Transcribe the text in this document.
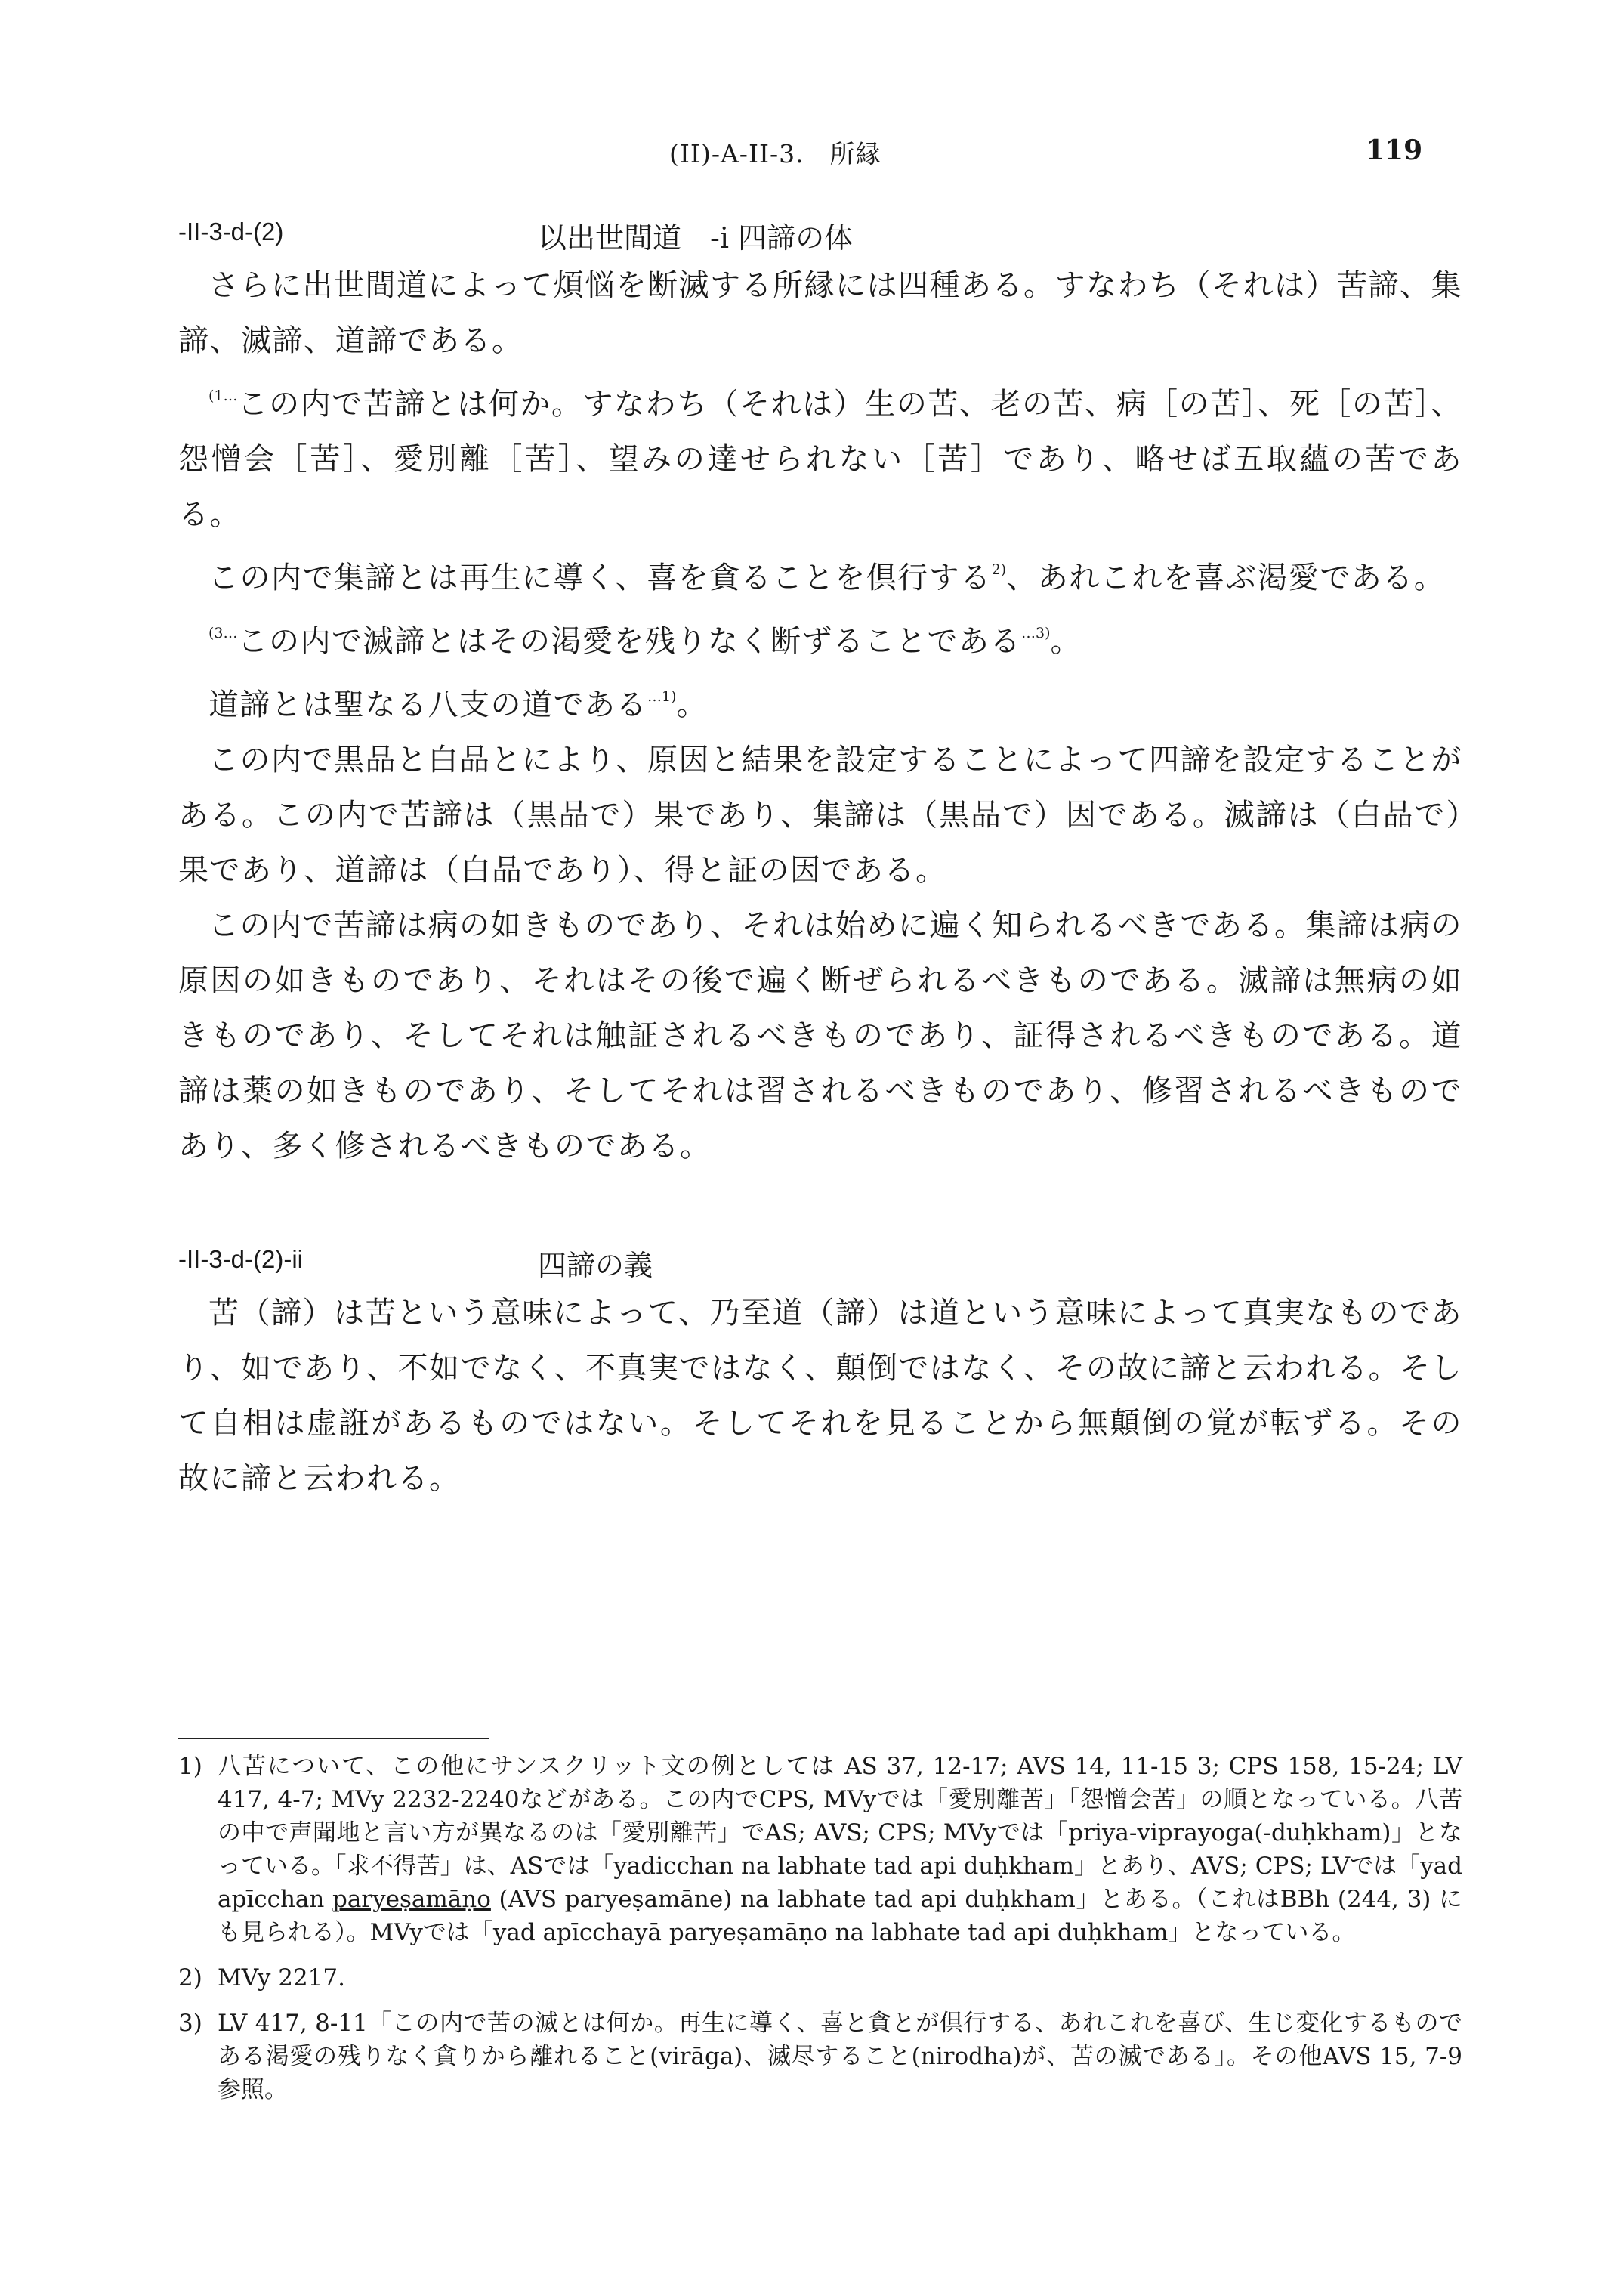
(II)-A-II-3.　所縁	119
-II-3-d-(2)	以出世間道　-i 四諦の体

さらに出世間道によって煩悩を断滅する所縁には四種ある。すなわち（それは）苦諦、集諦、滅諦、道諦である。

$^{(1\dots}$この内で苦諦とは何か。すなわち（それは）生の苦、老の苦、病［の苦］、死［の苦］、怨憎会［苦］、愛別離［苦］、望みの達せられない［苦］であり、略せば五取蘊の苦である。

この内で集諦とは再生に導く、喜を貪ることを倶行する$^{2)}$、あれこれを喜ぶ渇愛である。

$^{(3\dots}$この内で滅諦とはその渇愛を残りなく断ずることである$^{\dots 3)}$。

道諦とは聖なる八支の道である$^{\dots 1)}$。

この内で黒品と白品とにより、原因と結果を設定することによって四諦を設定することがある。この内で苦諦は（黒品で）果であり、集諦は（黒品で）因である。滅諦は（白品で）果であり、道諦は（白品であり）、得と証の因である。

この内で苦諦は病の如きものであり、それは始めに遍く知られるべきである。集諦は病の原因の如きものであり、それはその後で遍く断ぜられるべきものである。滅諦は無病の如きものであり、そしてそれは触証されるべきものであり、証得されるべきものである。道諦は薬の如きものであり、そしてそれは習されるべきものであり、修習されるべきものであり、多く修されるべきものである。

-II-3-d-(2)-ii	四諦の義

苦（諦）は苦という意味によって、乃至道（諦）は道という意味によって真実なものであり、如であり、不如でなく、不真実ではなく、顛倒ではなく、その故に諦と云われる。そして自相は虚誑があるものではない。そしてそれを見ることから無顛倒の覚が転ずる。その故に諦と云われる。

1) 八苦について、この他にサンスクリット文の例としては AS 37, 12-17; AVS 14, 11-15 3; CPS 158, 15-24; LV 417, 4-7; MVy 2232-2240などがある。この内でCPS, MVyでは「愛別離苦」「怨憎会苦」の順となっている。八苦の中で声聞地と言い方が異なるのは「愛別離苦」でAS; AVS; CPS; MVyでは「priya-viprayoga(-duḥkham)」となっている。「求不得苦」は、ASでは「yadicchan na labhate tad api duḥkham」とあり、AVS; CPS; LVでは「yad apīcchan paryeṣamāṇo (AVS paryeṣamāne) na labhate tad api duḥkham」とある。（これはBBh (244, 3) にも見られる）。MVyでは「yad apīcchayā paryeṣamāṇo na labhate tad api duḥkham」となっている。

2) MVy 2217.

3) LV 417, 8-11「この内で苦の滅とは何か。再生に導く、喜と貪とが倶行する、あれこれを喜び、生じ変化するものである渇愛の残りなく貪りから離れること(virāga)、滅尽すること(nirodha)が、苦の滅である」。その他AVS 15, 7-9 参照。
